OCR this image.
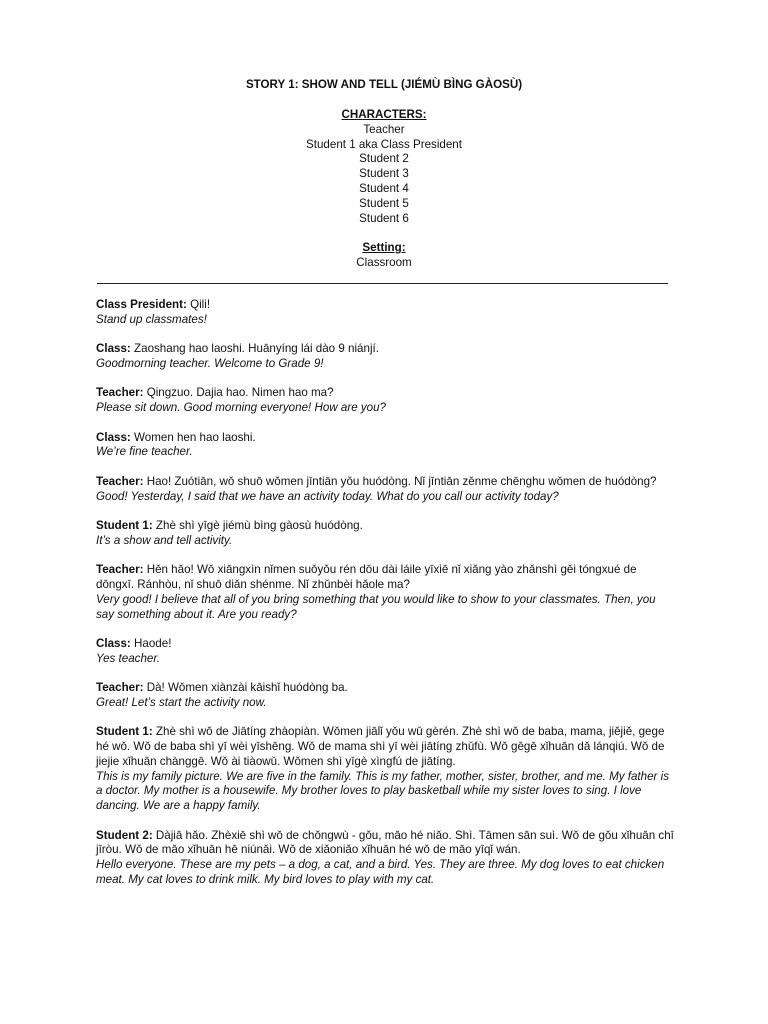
STORY 1: SHOW AND TELL (JIÉMÙ BÌNG GÀOSÙ)
CHARACTERS:
Teacher
Student 1 aka Class President
Student 2
Student 3
Student 4
Student 5
Student 6
Setting:
Classroom
Class President: Qili!
Stand up classmates!
Class: Zaoshang hao laoshi. Huānyíng lái dào 9 niánjí.
Goodmorning teacher. Welcome to Grade 9!
Teacher: Qingzuo. Dajia hao. Nimen hao ma?
Please sit down. Good morning everyone! How are you?
Class: Women hen hao laoshi.
We’re fine teacher.
Teacher: Hao! Zuótiān, wǒ shuō wǒmen jīntiān yǒu huódòng. Nǐ jīntiān zěnme chēnghu wǒmen de huódòng?
Good! Yesterday, I said that we have an activity today. What do you call our activity today?
Student 1: Zhè shì yīgè jiémù bìng gàosù huódòng.
It’s a show and tell activity.
Teacher: Hěn hǎo! Wǒ xiāngxìn nǐmen suǒyǒu rén dōu dài láile yīxiē nǐ xiǎng yào zhǎnshì gěi tóngxué de dōngxī. Ránhòu, nǐ shuō diǎn shénme. Nǐ zhǔnbèi hǎole ma?
Very good! I believe that all of you bring something that you would like to show to your classmates. Then, you say something about it. Are you ready?
Class: Haode!
Yes teacher.
Teacher: Dà! Wǒmen xiànzài kāishǐ huódòng ba.
Great! Let’s start the activity now.
Student 1: Zhè shì wǒ de Jiātíng zhàopiàn. Wǒmen jiālǐ yǒu wǔ gèrén. Zhè shì wǒ de baba, mama, jiějiě, gege hé wǒ. Wǒ de baba shì yī wèi yīshēng. Wǒ de mama shì yī wèi jiātíng zhǔfù. Wǒ gēgē xǐhuān dǎ lánqiú. Wǒ de jiejie xǐhuān chànggē. Wǒ ài tiàowǔ. Wǒmen shì yīgè xìngfú de jiātíng.
This is my family picture. We are five in the family. This is my father, mother, sister, brother, and me. My father is a doctor. My mother is a housewife. My brother loves to play basketball while my sister loves to sing. I love dancing. We are a happy family.
Student 2: Dàjiā hǎo. Zhèxiē shì wǒ de chǒngwù - gǒu, māo hé niǎo. Shì. Tāmen sān suì. Wǒ de gǒu xǐhuān chī jīròu. Wǒ de māo xǐhuān hē niúnǎi. Wǒ de xiǎoniǎo xǐhuān hé wǒ de māo yīqǐ wán.
Hello everyone. These are my pets – a dog, a cat, and a bird. Yes. They are three. My dog loves to eat chicken meat. My cat loves to drink milk. My bird loves to play with my cat.
